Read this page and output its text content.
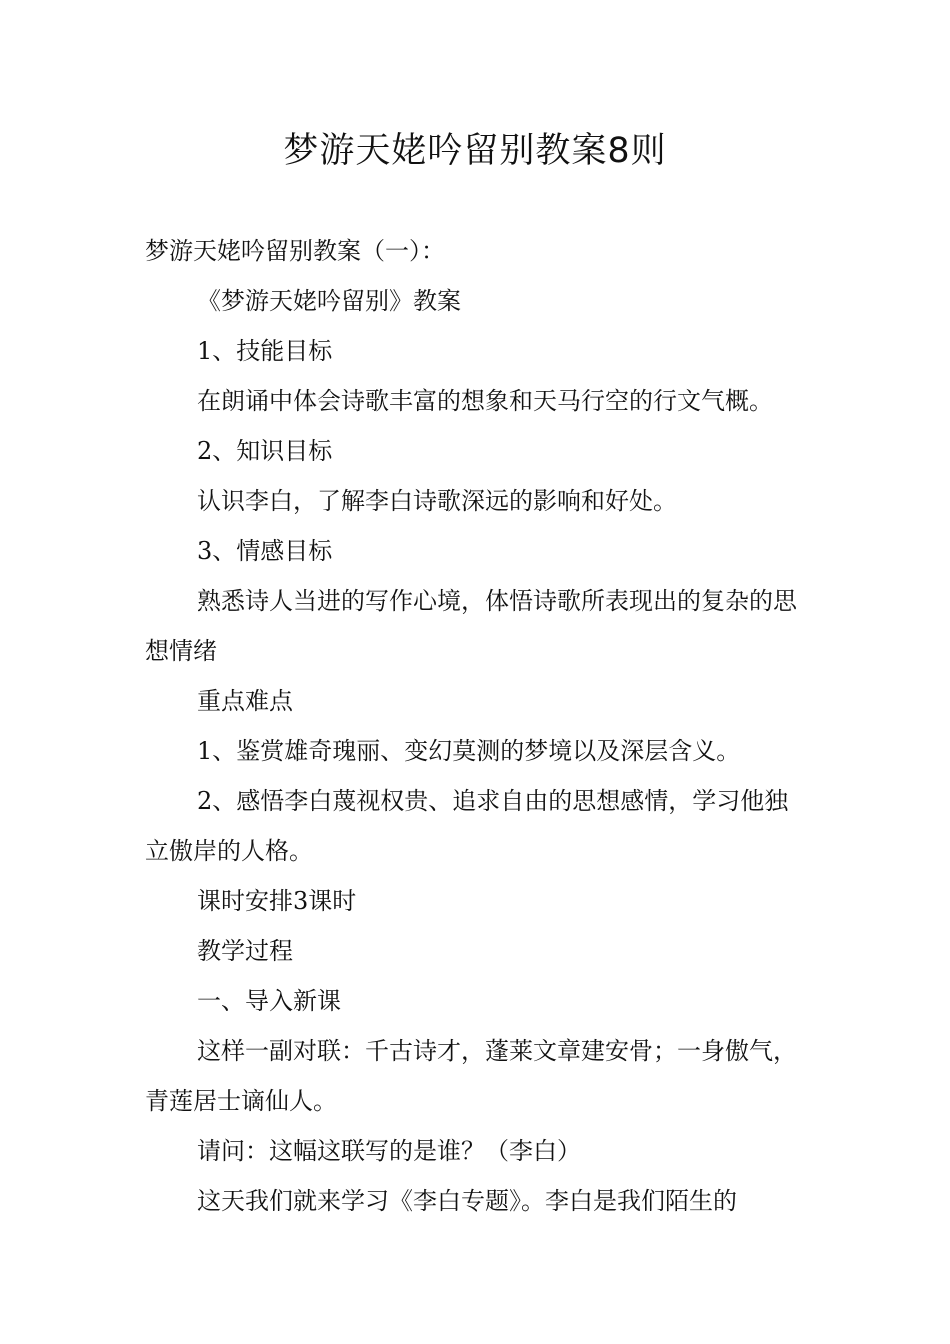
梦游天姥吟留别教案8则

梦游天姥吟留别教案（一）：

《梦游天姥吟留别》教案

1、技能目标

在朗诵中体会诗歌丰富的想象和天马行空的行文气概。

2、知识目标

认识李白，了解李白诗歌深远的影响和好处。

3、情感目标

熟悉诗人当进的写作心境，体悟诗歌所表现出的复杂的思想情绪

重点难点

1、鉴赏雄奇瑰丽、变幻莫测的梦境以及深层含义。

2、感悟李白蔑视权贵、追求自由的思想感情，学习他独立傲岸的人格。

课时安排3课时

教学过程

一、导入新课

这样一副对联：千古诗才，蓬莱文章建安骨；一身傲气，青莲居士谪仙人。

请问：这幅这联写的是谁？（李白）

这天我们就来学习《李白专题》。李白是我们陌生的
